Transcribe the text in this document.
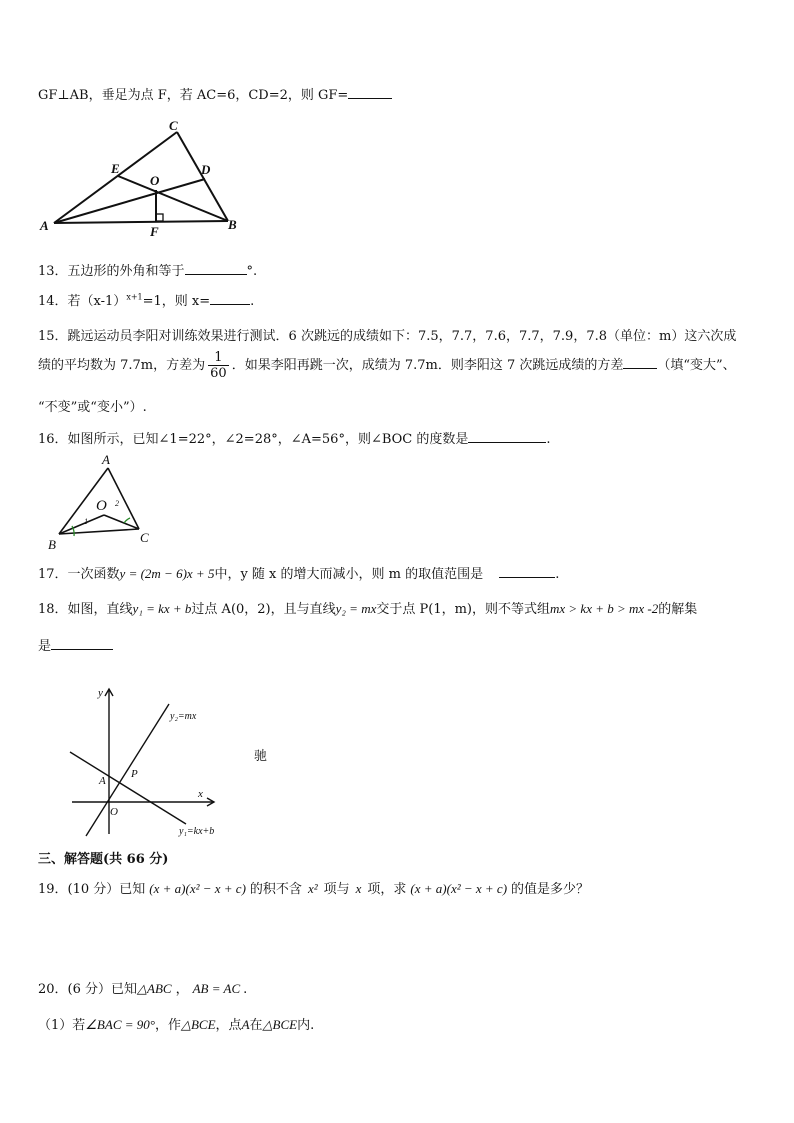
GF⊥AB，垂足为点 F，若 AC=6，CD=2，则 GF=
A	B
C
D
E
O
F
13．五边形的外角和等于	°.
14．若$(x-1)^{x+1}=1$，则 x=	.
15．跳远运动员李阳对训练效果进行测试．6 次跳远的成绩如下：7.5，7.7，7.6，7.7，7.9，7.8（单位：m）这六次成
绩的平均数为 7.7m，方差为 $\frac{1}{60}$ ．如果李阳再跳一次，成绩为 7.7m．则李阳这 7 次跳远成绩的方差	（填“变大”、
“不变”或“变小”）.
16．如图所示，已知∠1=22°，∠2=28°，∠A=56°，则∠BOC 的度数是	.
A
B	C
O
1
2
17．一次函数y = (2m − 6)x + 5中，y 随 x 的增大而减小，则 m 的取值范围是	.
18．如图，直线y₁ = kx + b过点 A(0，2)，且与直线y₂ = mx交于点 P(1，m)，则不等式组mx > kx + b > mx -2的解集
是
y
x
O
A
P
y₂=mx
y₁=kx+b
驰
三、解答题(共 66 分)
19．(10 分）已知 (x + a)(x² − x + c) 的积不含 x² 项与 x 项，求 (x + a)(x² − x + c) 的值是多少？
20．(6 分）已知△ABC ， AB = AC .
（1）若∠BAC = 90°，作△BCE，点A在△BCE内.
